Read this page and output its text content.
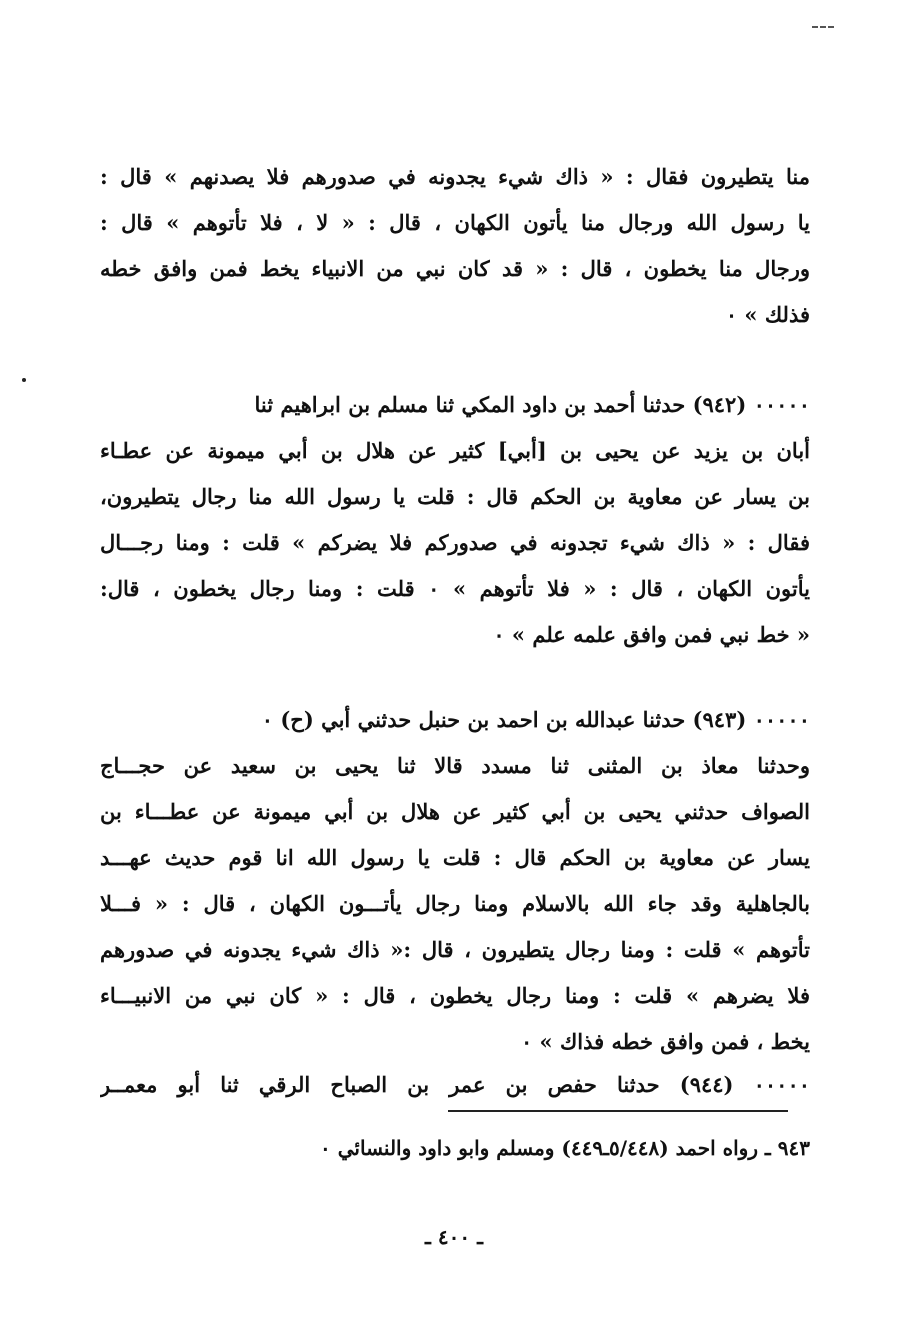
منا يتطيرون فقال : « ذاك شيء يجدونه في صدورهم فلا يصدنهم » قال :
يا رسول الله ورجال منا يأتون الكهان ، قال : « لا ، فلا تأتوهم » قال :
ورجال منا يخطون ، قال : « قد كان نبي من الانبياء يخط فمن وافق خطه
فذلك » ٠
٠٠٠٠٠ (٩٤٢) حدثنا أحمد بن داود المكي ثنا مسلم بن ابراهيم ثنا
أبان بن يزيد عن يحيى بن [أبي] كثير عن هلال بن أبي ميمونة عن عطـاء
بن يسار عن معاوية بن الحكم قال : قلت يا رسول الله منا رجال يتطيرون،
فقال : « ذاك شيء تجدونه في صدوركم فلا يضركم » قلت : ومنا رجـــال
يأتون الكهان ، قال : « فلا تأتوهم » ٠ قلت : ومنا رجال يخطون ، قال:
« خط نبي فمن وافق علمه علم » ٠
٠٠٠٠٠ (٩٤٣) حدثنا عبدالله بن احمد بن حنبل حدثني أبي (ح) ٠
وحدثنا معاذ بن المثنى ثنا مسدد قالا ثنا يحيى بن سعيد عن حجـــاج
الصواف حدثني يحيى بن أبي كثير عن هلال بن أبي ميمونة عن عطـــاء بن
يسار عن معاوية بن الحكم قال : قلت يا رسول الله انا قوم حديث عهـــد
بالجاهلية وقد جاء الله بالاسلام ومنا رجال يأتـــون الكهان ، قال : « فـــلا
تأتوهم » قلت : ومنا رجال يتطيرون ، قال :« ذاك شيء يجدونه في صدورهم
فلا يضرهم » قلت : ومنا رجال يخطون ، قال : « كان نبي من الانبيـــاء
يخط ، فمن وافق خطه فذاك » ٠
٠٠٠٠٠ (٩٤٤) حدثنا حفص بن عمر بن الصباح الرقي ثنا أبو معمــر
٩٤٣ ـ رواه احمد (٥/٤٤٨ـ٤٤٩) ومسلم وابو داود والنسائي ٠
ـ ٤٠٠ ـ
